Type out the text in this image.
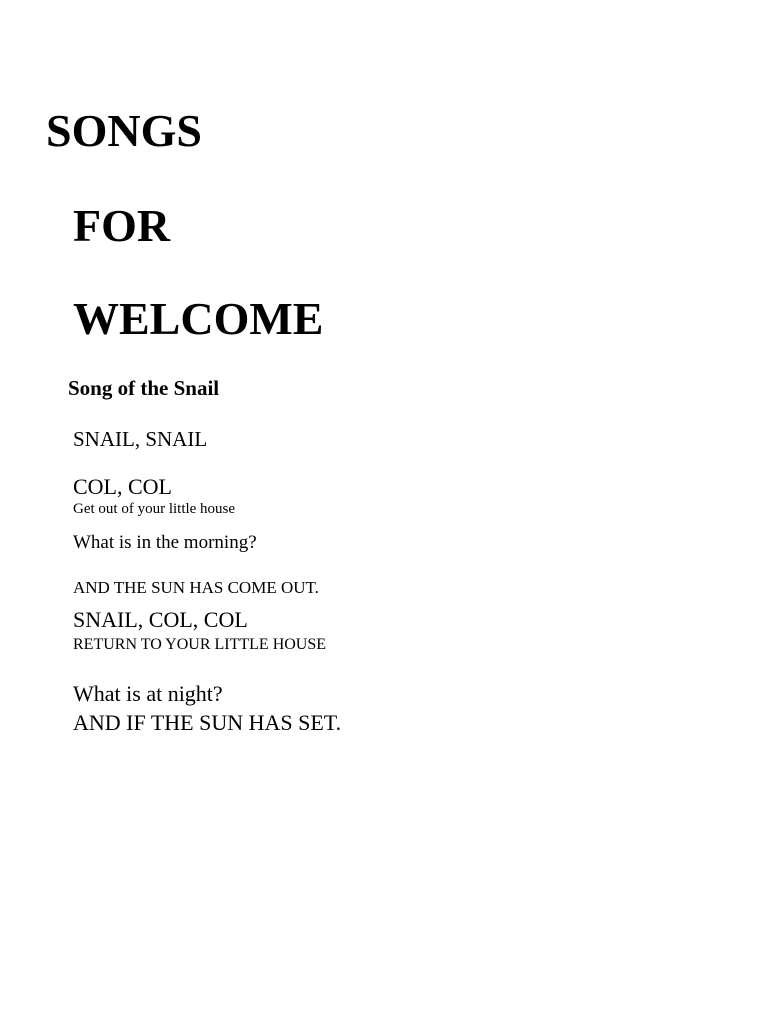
SONGS
FOR
WELCOME
Song of the Snail

SNAIL, SNAIL

COL, COL

Get out of your little house

What is in the morning?

AND THE SUN HAS COME OUT.

SNAIL, COL, COL

RETURN TO YOUR LITTLE HOUSE

What is at night?

AND IF THE SUN HAS SET.
